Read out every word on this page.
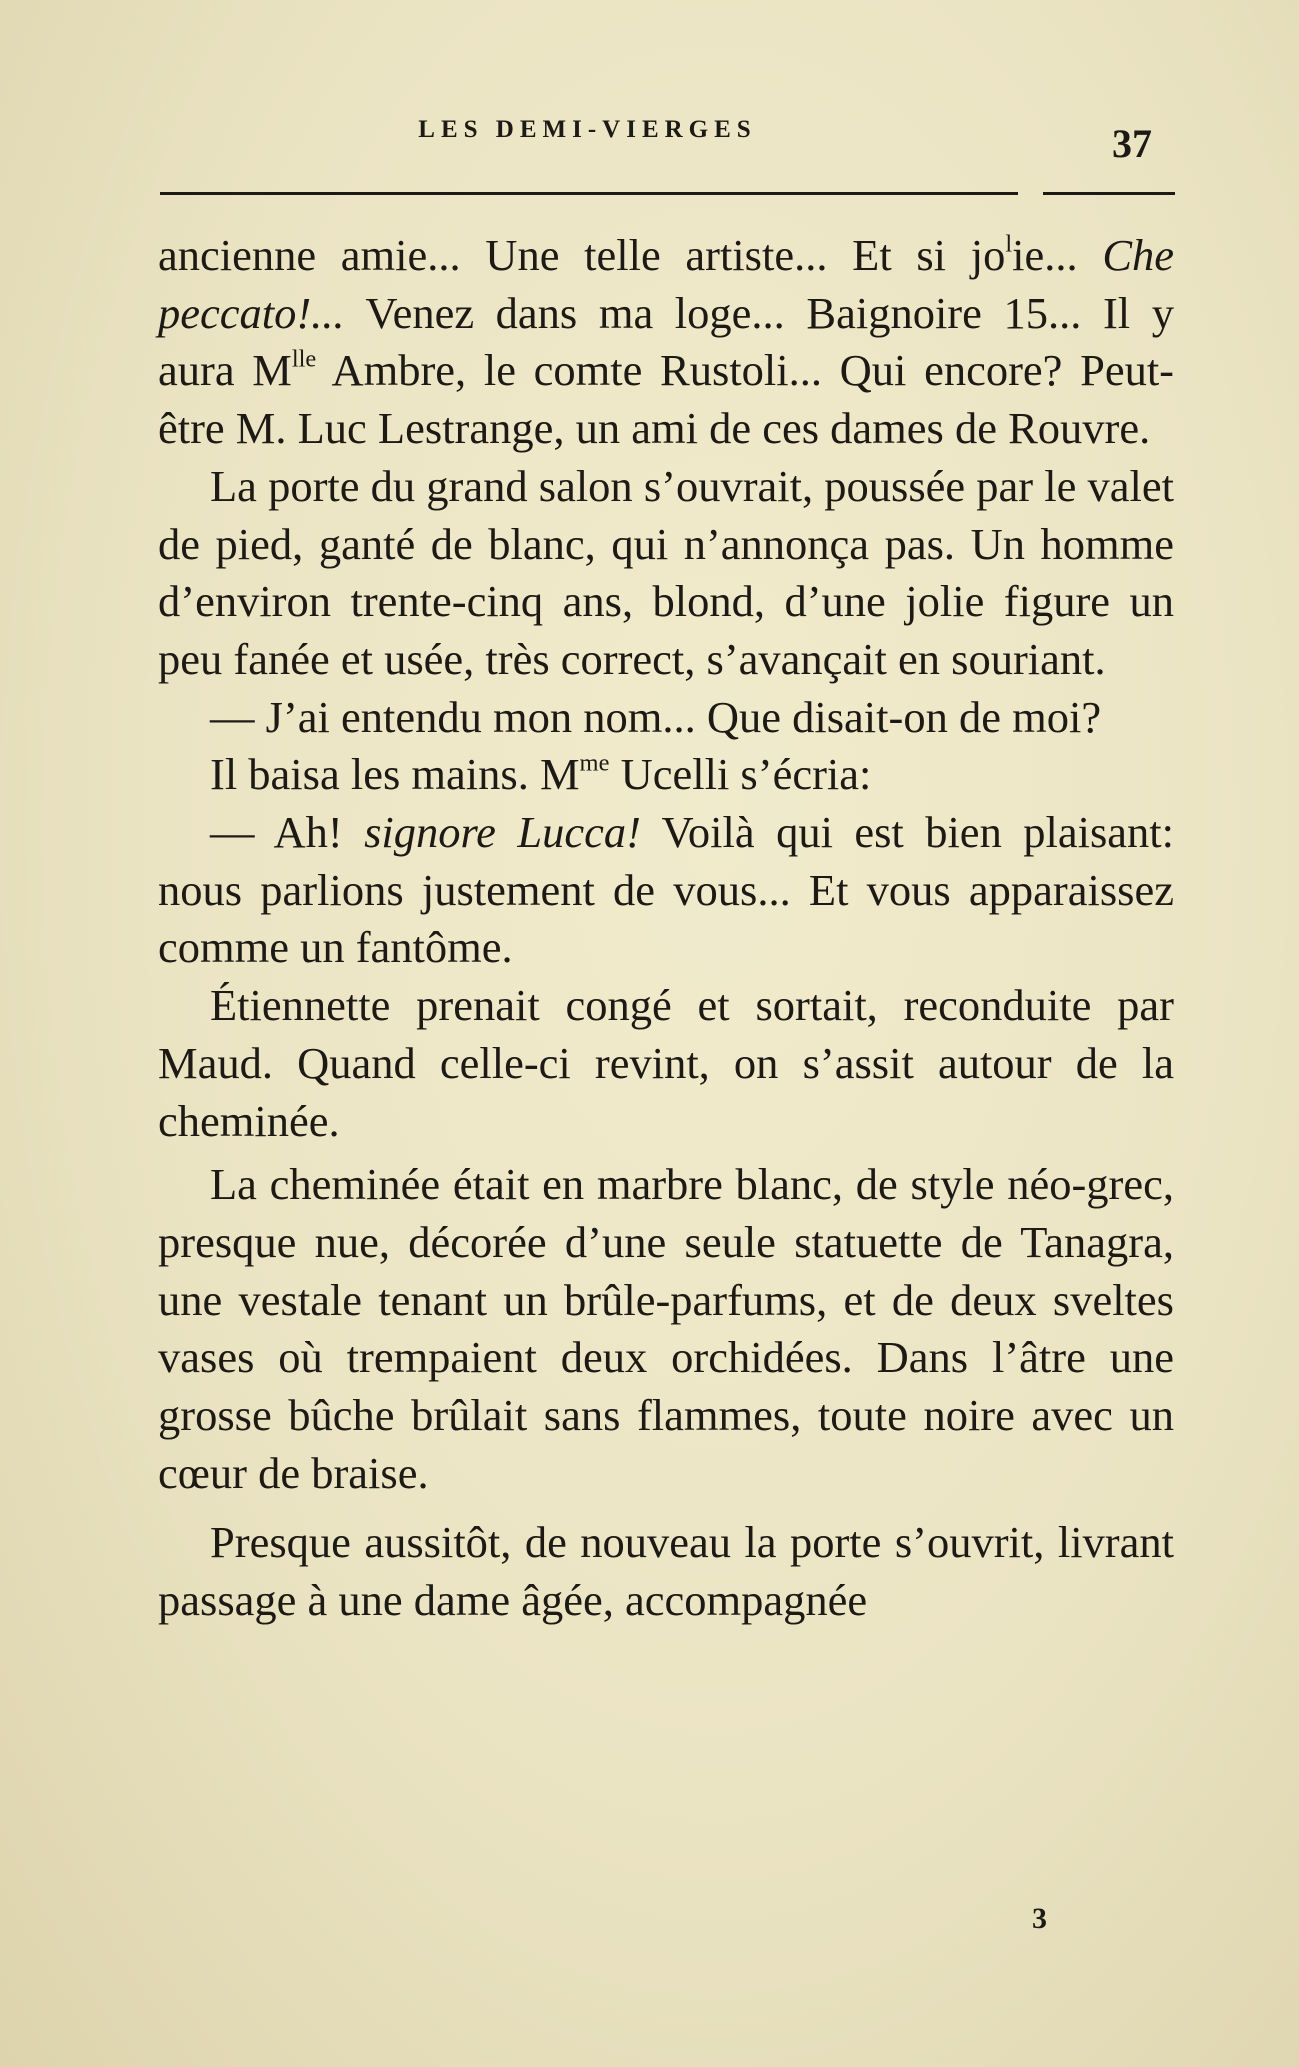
LES DEMI-VIERGES	37

ancienne amie... Une telle artiste... Et si $jo^lie$... Che peccato!... Venez dans ma loge... Baignoire 15... Il y aura $M^{lle}$ Ambre, le comte Rustoli... Qui encore? Peut-être M. Luc Lestrange, un ami de ces dames de Rouvre.

La porte du grand salon s’ouvrait, poussée par le valet de pied, ganté de blanc, qui n’annonça pas. Un homme d’environ trente-cinq ans, blond, d’une jolie figure un peu fanée et usée, très correct, s’avançait en souriant.

— J’ai entendu mon nom... Que disait-on de moi?

Il baisa les mains. $M^{me}$ Ucelli s’écria:

— Ah! signore Lucca! Voilà qui est bien plaisant: nous parlions justement de vous... Et vous apparaissez comme un fantôme.

Étiennette prenait congé et sortait, reconduite par Maud. Quand celle-ci revint, on s’assit autour de la cheminée.

La cheminée était en marbre blanc, de style néo-grec, presque nue, décorée d’une seule statuette de Tanagra, une vestale tenant un brûle-parfums, et de deux sveltes vases où trempaient deux orchidées. Dans l’âtre une grosse bûche brûlait sans flammes, toute noire avec un cœur de braise.

Presque aussitôt, de nouveau la porte s’ouvrit, livrant passage à une dame âgée, accompagnée

3
